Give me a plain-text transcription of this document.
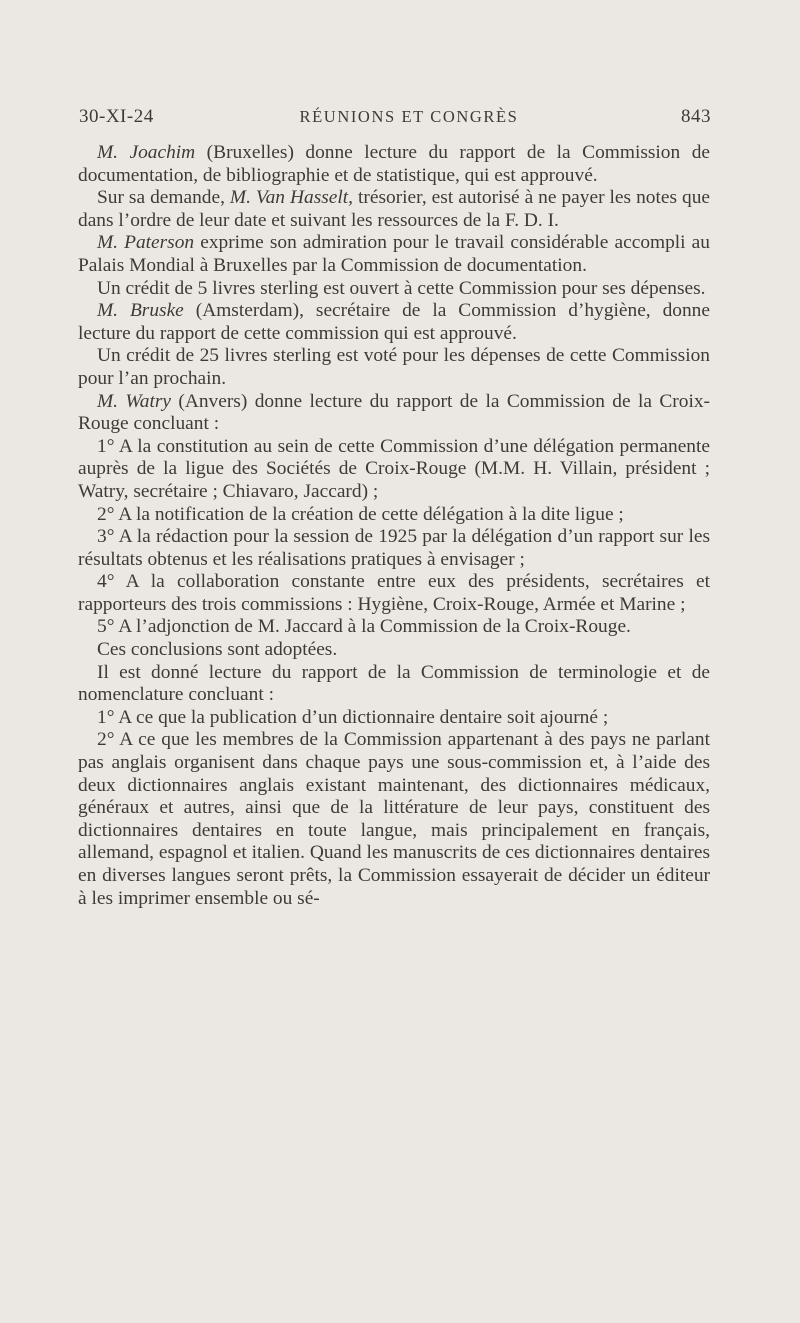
30-XI-24	RÉUNIONS ET CONGRÈS	843

M. Joachim (Bruxelles) donne lecture du rapport de la Commission de documentation, de bibliographie et de statistique, qui est approuvé.

Sur sa demande, M. Van Hasselt, trésorier, est autorisé à ne payer les notes que dans l’ordre de leur date et suivant les ressources de la F. D. I.

M. Paterson exprime son admiration pour le travail considérable accompli au Palais Mondial à Bruxelles par la Commission de documentation.

Un crédit de 5 livres sterling est ouvert à cette Commission pour ses dépenses.

M. Bruske (Amsterdam), secrétaire de la Commission d’hygiène, donne lecture du rapport de cette commission qui est approuvé.

Un crédit de 25 livres sterling est voté pour les dépenses de cette Commission pour l’an prochain.

M. Watry (Anvers) donne lecture du rapport de la Commission de la Croix-Rouge concluant :

1° A la constitution au sein de cette Commission d’une délégation permanente auprès de la ligue des Sociétés de Croix-Rouge (M.M. H. Villain, président ; Watry, secrétaire ; Chiavaro, Jaccard) ;

2° A la notification de la création de cette délégation à la dite ligue ;

3° A la rédaction pour la session de 1925 par la délégation d’un rapport sur les résultats obtenus et les réalisations pratiques à envisager ;

4° A la collaboration constante entre eux des présidents, secrétaires et rapporteurs des trois commissions : Hygiène, Croix-Rouge, Armée et Marine ;

5° A l’adjonction de M. Jaccard à la Commission de la Croix-Rouge.

Ces conclusions sont adoptées.

Il est donné lecture du rapport de la Commission de terminologie et de nomenclature concluant :

1° A ce que la publication d’un dictionnaire dentaire soit ajourné ;

2° A ce que les membres de la Commission appartenant à des pays ne parlant pas anglais organisent dans chaque pays une sous-commission et, à l’aide des deux dictionnaires anglais existant maintenant, des dictionnaires médicaux, généraux et autres, ainsi que de la littérature de leur pays, constituent des dictionnaires dentaires en toute langue, mais principalement en français, allemand, espagnol et italien. Quand les manuscrits de ces dictionnaires dentaires en diverses langues seront prêts, la Commission essayerait de décider un éditeur à les imprimer ensemble ou sé-
